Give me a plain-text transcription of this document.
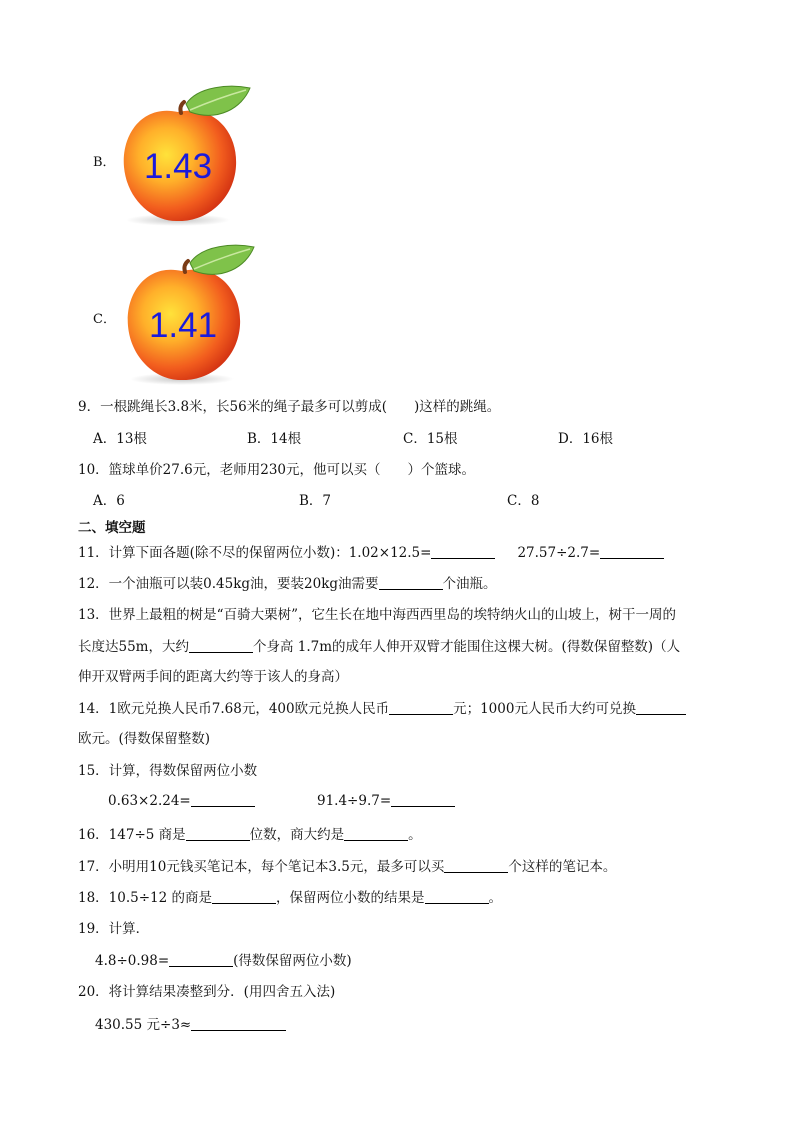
B． 1.43
C． 1.41
9．一根跳绳长3.8米，长56米的绳子最多可以剪成(　　)这样的跳绳。
A．13根	B．14根	C．15根	D．16根
10．篮球单价27.6元，老师用230元，他可以买（　　）个篮球。
A．6	B．7	C．8
二、填空题
11．计算下面各题(除不尽的保留两位小数)：1.02×12.5=	27.57÷2.7=
12．一个油瓶可以装0.45kg油，要装20kg油需要	个油瓶。
13．世界上最粗的树是“百骑大栗树”，它生长在地中海西西里岛的埃特纳火山的山坡上，树干一周的
长度达55m，大约	个身高 1.7m的成年人伸开双臂才能围住这棵大树。(得数保留整数)（人
伸开双臂两手间的距离大约等于该人的身高）
14．1欧元兑换人民币7.68元，400欧元兑换人民币	元；1000元人民币大约可兑换
欧元。(得数保留整数)
15．计算，得数保留两位小数
0.63×2.24=	91.4÷9.7=
16．147÷5 商是	位数，商大约是	。
17．小明用10元钱买笔记本，每个笔记本3.5元，最多可以买	个这样的笔记本。
18．10.5÷12 的商是	，保留两位小数的结果是	。
19．计算．
4.8÷0.98=	(得数保留两位小数)
20．将计算结果凑整到分．(用四舍五入法)
430.55 元÷3≈
